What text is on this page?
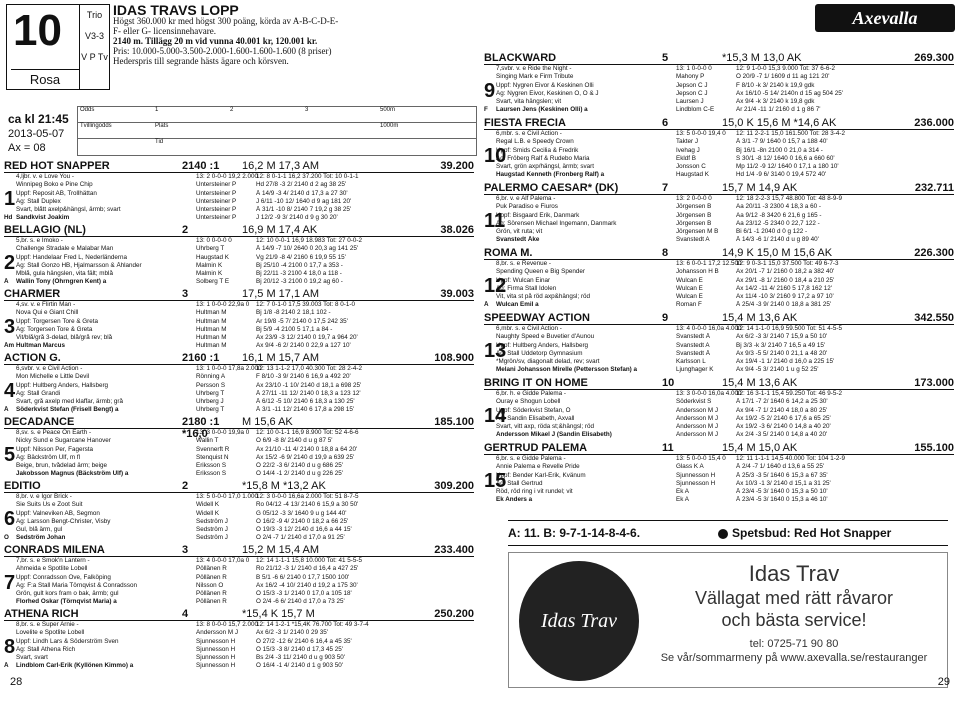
10
Rosa
Trio
V3-3
V P Tv
IDAS TRAVS LOPP
Högst 360.000 kr med högst 300 poäng, körda av A-B-C-D-E-
F- eller G- licensinnehavare.
2140 m. Tillägg 20 m vid vunna 40.001 kr, 120.001 kr.
Pris: 10.000-5.000-3.500-2.000-1.600-1.600-1.600 (8 priser)
Hederspris till segrande hästs ägare och körsven.
ca kl 21:45
2013-05-07
Ax = 08
Odds	1	2	3	500m
Tvillingodds	Plats	1000m
Tid
RED HOT SNAPPER	2140 :1	16,2 M 17,3 AM	39.200
4,ljbr. v. e Love You -	13: 2 0-0-0 19,2 2.000
12: 8 0-1-1 16,2 37.200 Tot: 10 0-1-1
Winnipeg Boko e Pine Chip	Untersteiner P	Hd 27/8 -3 2/ 2140 d 2 ag 38 25'
Uppf: Reposit AB, Trollhättan	Untersteiner P	Å 14/9 -3 4/ 2140 d 17,3 a 27 30'
Äg: Stall Duplex	Untersteiner P	J 6/11 -10 12/ 1640 d 9 ag 181 20'
Svart, blått axelp&hängsl, ärmb; svart	Untersteiner P	Å 31/1 -10 8/ 2140 7 19,2 g 38 25'
Hd Sandkvist Joakim	Untersteiner P	J 12/2 -9 3/ 2140 d 9 g 30 20'
1
BELLAGIO (NL)	2	16,9 M 17,4 AK	38.026
5,br. s. e Imoko -	13: 0 0-0-0 0	12: 10 0-0-1 16,9 18.983 Tot: 27 0-0-2
Challenge Stradale e Malabar Man	Uhrberg T	Å 14/9 -7 10/ 2640 0 20,3 ag 141 25'
Uppf: Handelaar Fred L, Nederländerna	Haugstad K	Vg 21/9 -8 4/ 2160 6 19,9 55 15'
Äg: Stall Gonzo HB, Hjalmarsson & Åhlander	Malmin K	Bj 25/10 -4 2100 0 17,7 a 353 -
Mblå, gula hängslen, vita fält; mblå	Malmin K	Bj 22/11 -3 2100 4 18,0 a 118 -
Å	Wallin Tony (Öhrngren Kent) a	Solberg T E	Bj 20/12 -3 2100 0 19,2 ag 60 -
2
CHARMER	3	17,5 M 17,1 AM	39.003
4,sv. v. e Flirtin Man -	13: 1 0-0-0 22,9a 0	12: 7 0-1-0 17,5 39.003 Tot: 8 0-1-0
Nova Qui e Giant Chill	Hultman M	Bj 1/8 -8 2140 2 18,1 102 -
Uppf: Torgersen Tore & Greta	Hultman M	Ar 19/8 -5 7/ 2140 0 17,5 242 35'
Äg: Torgersen Tore & Greta	Hultman M	Bj 5/9 -4 2100 5 17,1 a 84 -
Vit/blå/grå 3-delad, blå/grå rev; blå	Hultman M	Ax 23/9 -3 12/ 2140 0 19,7 a 964 20'
Åm Hultman Marcus	Hultman M	Ax 9/4 -6 2/ 2140 0 22,9 a 127 10'
3
ACTION G.	2160 :1	16,1 M 15,7 AM	108.900
6,svbr. v. e Civil Action -	13: 1 0-0-0 17,8a 2.000
12: 13 1-1-2 17,0 40.300 Tot: 28 2-4-2
Mon Michelle e Little Devil	Rönning A	F 8/10 -3 9/ 2140 6 16,9 a 492 20'
Uppf: Hultberg Anders, Hallsberg	Persson S	Ax 23/10 -1 10/ 2140 d 18,1 a 698 25'
Äg: Stall Grandi	Uhrberg T	Å 27/11 -11 12/ 2140 0 18,3 a 123 12'
Svart, grå axelp med klaffar, ärmb; grå	Uhrberg J	Å 6/12 -5 10/ 2140 6 18,3 a 130 25'
Å	Söderkvist Stefan (Frisell Bengt) a	Uhrberg T	Å 3/1 -11 12/ 2140 6 17,8 a 298 15'
4
DECADANCE	2180 :1 *16,0
M 15,6 AK	185.100
8,sv. s. e Peace On Earth -	13: 3 0-0-0 19,9a 0	12: 10 0-1-1 16,9 8.900 Tot: 52 4-6-6
Nicky Sund e Sugarcane Hanover	Wallin T	Ö 6/9 -8 8/ 2140 d u g 87 5'
Uppf: Nilsson Per, Fagersta	Svennerft R	Ax 21/10 -11 4/ 2140 0 18,8 a 64 20'
Äg: Bäckström Ulf, m fl	Stenquist N	Ax 15/2 -6 9/ 2140 d 19,9 a 639 25'
Beige, brun, tvådelad ärm; beige	Eriksson S	Ö 22/2 -3 6/ 2140 d u g 686 25'
Jakobsson Magnus (Bäckström Ulf) a	Eriksson S	Ö 14/4 -1 2/ 2140 d u g 226 25'
5
EDITIO	2	*15,8 M *13,2 AK	309.200
8,br. v. e Igor Brick -	13: 5 0-0-0 17,0 1.000
12: 3 0-0-0 16,6a 2.000 Tot: 51 8-7-5
Sie Suits Us e Zoot Suit	Widell K	Ro 04/12 -4 13/ 2140 6 15,9 a 30 50'
Uppf: Valneviken AB, Segmon	Widell K	G 05/12 -3 3/ 1640 9 u g 144 40'
Äg: Larsson Bengt-Christer, Visby	Sedström J	Ö 16/2 -9 4/ 2140 0 18,2 a 66 25'
Gul, blå ärm, gul	Sedström J	Ö 19/3 -3 12/ 2140 d 16,6 a 44 15'
Ö	Sedström Johan	Sedström J	Ö 2/4 -7 1/ 2140 d 17,0 a 91 25'
6
CONRADS MILENA	3	15,2 M 15,4 AM	233.400
7,br. s. e Smok'n Lantern -	13: 4 0-0-0 17,0a 0	12: 14 1-1-1 15,8 10.000 Tot: 41 5-5-5
Ahmeida e Spotlite Lobell	Pöllänen R	Ro 21/12 -3 1/ 2140 d 16,4 a 427 25'
Uppf: Conradsson Ove, Falköping	Pöllänen R	B 5/1 -6 6/ 2140 0 17,7 1500 100'
Äg: F:a Stall Maria Törnqvist & Conradsson	Nilsson O	Ax 16/2 -4 10/ 2140 d 19,2 a 175 30'
Grön, gult kors fram o bak, ärmb; gul	Pöllänen R	Ö 15/3 -3 1/ 2140 0 17,0 a 105 18'
Florhed Oskar (Törnqvist Maria) a	Pöllänen R	Ö 2/4 -6 6/ 2140 d 17,0 a 73 25'
7
ATHENA RICH	4	*15,4 K 15,7 M	250.200
8,br. s. e Super Arnie -	13: 8 0-0-0 15,7 2.000
12: 14 1-2-1 *15,4K 76.700 Tot: 49 3-7-4
Lovelite e Spotlite Lobell	Andersson M J	Ax 6/2 -3 1/ 2140 0 29 35'
Uppf: Lindh Lars & Söderström Sven	Sjunnesson H	Ö 27/2 -12 6/ 2140 6 16,4 a 45 35'
Äg: Stall Athena Rich	Sjunnesson H	Ö 15/3 -3 8/ 2140 d 17,3 45 25'
Svart, svart	Sjunnesson H	Bs 2/4 -3 11/ 2140 d u g 903 50'
Å	Lindblom Carl-Erik (Kyllönen Kimmo) a	Sjunnesson H	Ö 16/4 -1 4/ 2140 d 1 g 903 50'
8
28
Axevalla
BLACKWARD	5	*15,3 M 13,0 AK	269.300
7,svbr. v. e Ride the Night -	13: 1 0-0-0 0	12: 9 1-0-0 15,3 9.000 Tot: 37 6-6-2
Singing Mark e Firm Tribute	Mahony P	Ö 20/9 -7 1/ 1609 d 11 ag 121 20'
Uppf: Nygren Eivor & Keskinen Olli	Jepson C J	F 8/10 -k 3/ 2140 k 19,9 gdk
Äg: Nygren Eivor, Keskinen O, Ö & J	Jepson C J	Ax 16/10 -5 14/ 2140n d 15 ag 504 25'
Svart, vita hängslen; vit	Laursen J	Ax 9/4 -k 3/ 2140 k 19,8 gdk
F	Laursen Jens (Keskinen Olli) a	Lindblom C-E	Ar 21/4 -11 1/ 2160 d 1 g 86 7'
9
FIESTA FRECIA	6	15,0 K 15,6 M *14,6 AK	236.000
6,mbr. s. e Civil Action -	13: 5 0-0-0 19,4 0	12: 11 2-2-1 15,0 161.500 Tot: 28 3-4-2
Regal L.B. e Speedy Crown	Takter J	Å 3/1 -7 9/ 1640 0 15,7 a 188 40'
Uppf: Smids Cecilia & Fredrik	Ivehag J	Bj 16/1 -8n 2100 0 21,0 a 314 -
Äg: Fröberg Ralf & Rudebo Maria	Ekldf B	S 30/1 -8 12/ 1640 0 16,6 a 660 60'
Svart, grön axp/hängsl, ärmb; svart	Jonsson C	Mp 11/2 -9 12/ 1640 0 17,1 a 180 10'
Haugstad Kenneth (Fronberg Ralf) a	Haugstad K	Hd 1/4 -9 6/ 3140 0 19,4 572 40'
10
PALERMO CAESAR* (DK)	7	15,7 M 14,9 AK	232.711
6,br. v. e Alf Palema -	13: 2 0-0-0 0	12: 18 2-2-3 15,7 48.800 Tot: 48 8-9-9
Puk Paradiso e Fiuros	Jörgensen B	Aa 20/11 -3 2300 4 18,3 a 60 -
Uppf: Bisgaard Erik, Danmark	Jörgensen B	Aa 9/12 -8 3420 6 21,6 g 165 -
Äg: Sörensen Michael Ingemann, Danmark	Jörgensen B	Aa 23/12 -5 2340 0 22,7 122 -
Grön, vit ruta; vit	Jörgensen M B	Bi 6/1 -1 2040 d 0 g 122 -
Svanstedt Åke	Svanstedt A	Å 14/3 -6 1/ 2140 d u g 89 40'
11
ROMA M.	8	14,9 K 15,0 M 15,6 AK	226.300
8,br. s. e Revenue -	13: 6 0-0-1 17,2 12.500
12: 9 0-3-1 15,0 37.500 Tot: 49 6-7-3
Spending Queen e Big Spender	Johansson H B	Ax 20/1 -7 1/ 2160 0 18,2 a 382 40'
Uppf: Wulcan Einar	Wulcan E	Ax 29/1 -8 1/ 2160 0 18,4 a 210 25'
Äg: Firma Stall Idolen	Wulcan E	Ax 14/2 -11 4/ 2160 5 17,8 162 12'
Vit, vita st på röd axp&hängsl; röd	Wulcan E	Ax 11/4 -10 3/ 2160 9 17,2 a 97 10'
Å	Wulcan Emil a	Roman F	Å 25/4 -3 9/ 2140 0 18,8 a 381 25'
12
SPEEDWAY ACTION	9	15,4 M 13,6 AK	342.550
6,mbr. s. e Civil Action -	13: 4 0-0-0 16,0a 4.000
12: 14 1-1-0 16,9 59.500 Tot: 51 4-5-5
Naughty Speed e Buvetier d'Aunou	Svanstedt Å	Ax 6/2 -3 3/ 2140 7 15,9 a 50 10'
Uppf: Hultberg Anders, Hallsberg	Svanstedt A	Bj 3/3 -k 3/ 2140 7 16,5 a 49 15'
Äg: Stall Uddetorp Gymnasium	Svanstedt Å	Ax 9/3 -5 5/ 2140 0 21,1 a 48 20'
*Mgrön/sv, diagonalt delad, rev; svart	Karlsson L	Ax 19/4 -1 1/ 2140 d 16,0 a 225 15'
Melani Johansson Mirelle (Pettersson Stefan) a	Ljunghager K	Ax 9/4 -5 3/ 2140 1 u g 52 25'
13
BRING IT ON HOME	10	15,4 M 13,6 AK	173.000
6,br. h. e Gidde Palema -	13: 3 0-0-0 16,0a 4.000
12: 16 3-1-1 15,4 59.250 Tot: 46 9-5-2
Ouray e Shogun Lobell	Söderkvist S	Å 17/1 -7 2/ 1640 6 14,2 a 25 30'
Uppf: Söderkvist Stefan, Ö	Andersson M J	Ax 9/4 -7 1/ 2140 4 18,0 a 80 25'
Äg: Sandin Elisabeth, Axvall	Andersson M J	Ax 19/2 -5 2/ 2140 6 17,6 a 65 25'
Svart, vitt axp, röda st;&hängsl; röd	Andersson M J	Ax 19/2 -3 6/ 2140 0 14,8 a 40 20'
Andersson Mikael J (Sandin Elisabeth)	Andersson M J	Ax 2/4 -3 5/ 2140 0 14,8 a 40 20'
14
GERTRUD PALEMA	11	15,4 M 15,0 AK	155.100
6,br. s. e Gidde Palema -	13: 5 0-0-0 15,4 0	12: 11 1-1-1 14,5 40.000 Tot: 104 1-2-9
Annie Palema e Revelle Pride	Glass K A	Å 2/4 -7 1/ 1640 d 13,6 a 55 25'
Uppf: Bender Karl-Erik, Kvänum	Sjunnesson H	Å 25/3 -3 5/ 1640 6 15,3 a 67 35'
Äg: Stall Gertrud	Sjunnesson H	Ax 10/3 -1 3/ 2140 d 15,1 a 31 25'
Röd, röd ring i vit rundel; vit	Ek A	Å 23/4 -5 3/ 1640 0 15,3 a 50 10'
Ek Anders a	Ek A	Å 23/4 -5 3/ 1640 0 15,3 a 46 10'
15
A: 11. B: 9-7-1-14-8-4-6.	Spetsbud: Red Hot Snapper
Idas Trav
Idas Trav
Vällagat med rätt råvaror
och bästa service!
tel: 0725-71 90 80
Se vår/sommarmeny på www.axevalla.se/restauranger
29
